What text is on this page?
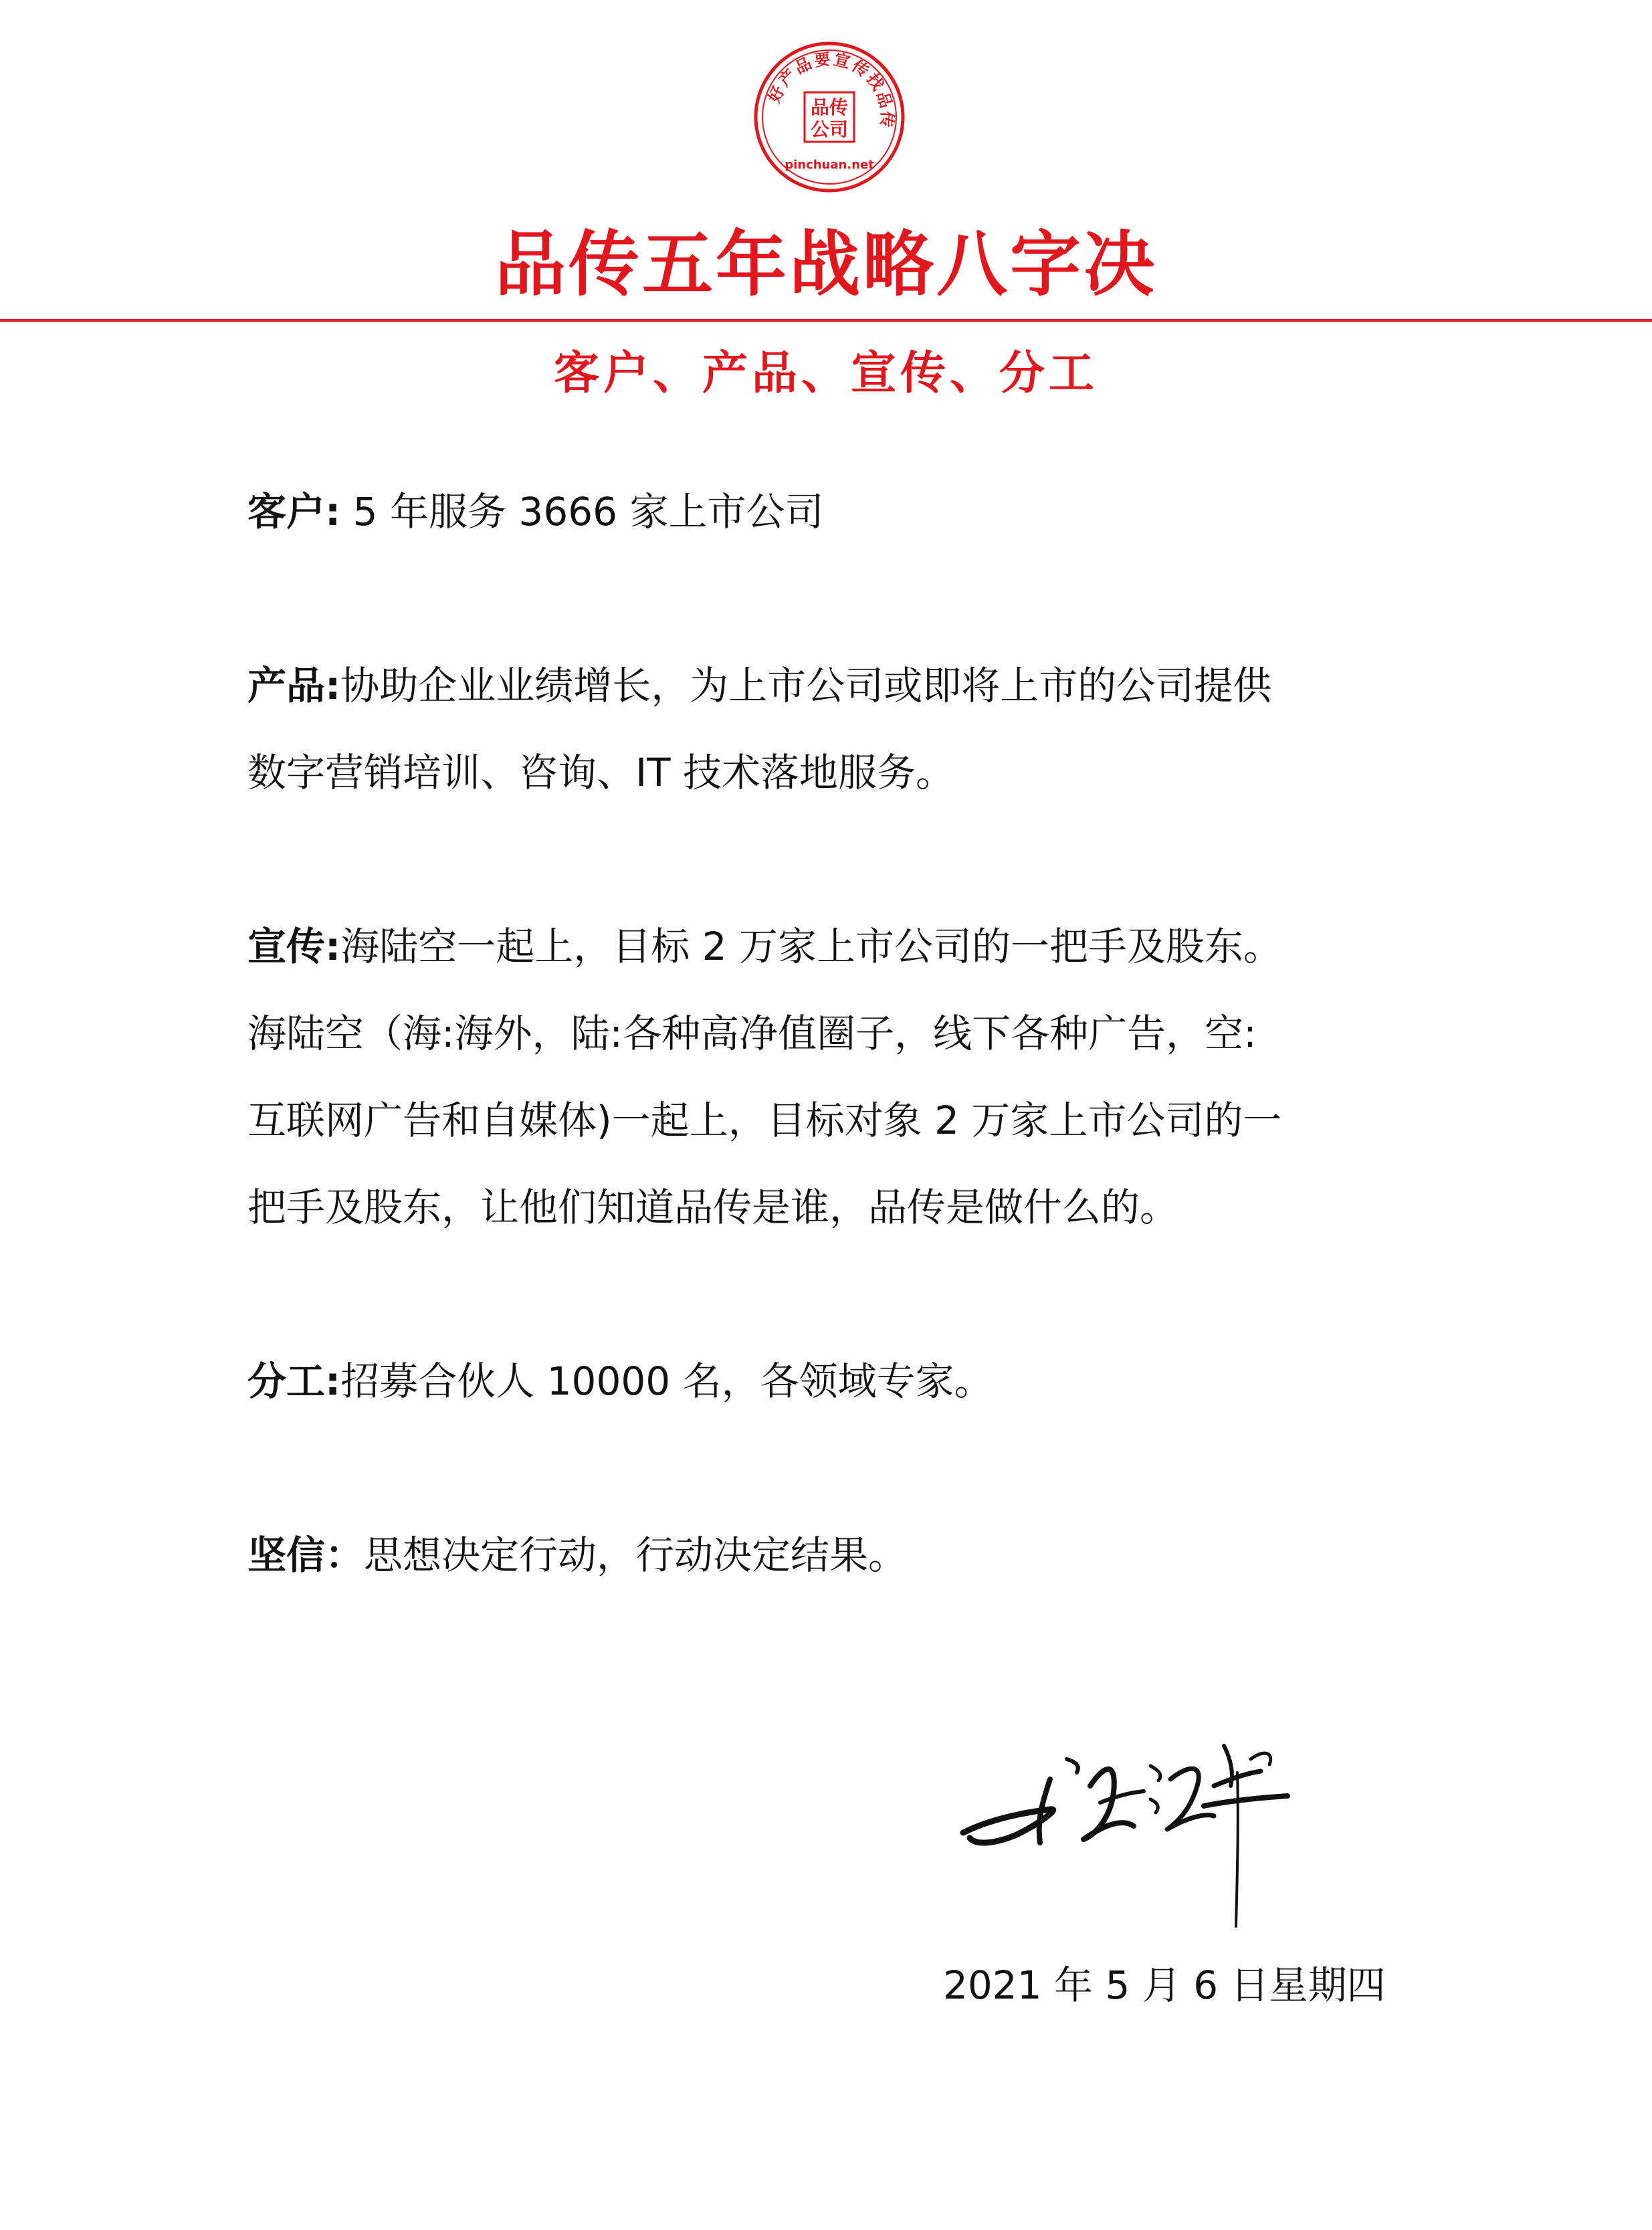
好产品要宣传找品传
品传
公司
pinchuan.net
品传五年战略八字决
客户、产品、宣传、分工
客户: 5 年服务 3666 家上市公司
产品:协助企业业绩增长，为上市公司或即将上市的公司提供
数字营销培训、咨询、IT 技术落地服务。
宣传:海陆空一起上，目标 2 万家上市公司的一把手及股东。
海陆空（海:海外，陆:各种高净值圈子，线下各种广告，空:
互联网广告和自媒体)一起上，目标对象 2 万家上市公司的一
把手及股东，让他们知道品传是谁，品传是做什么的。
分工:招募合伙人 10000 名，各领域专家。
坚信：思想决定行动，行动决定结果。
2021 年 5 月 6 日星期四
